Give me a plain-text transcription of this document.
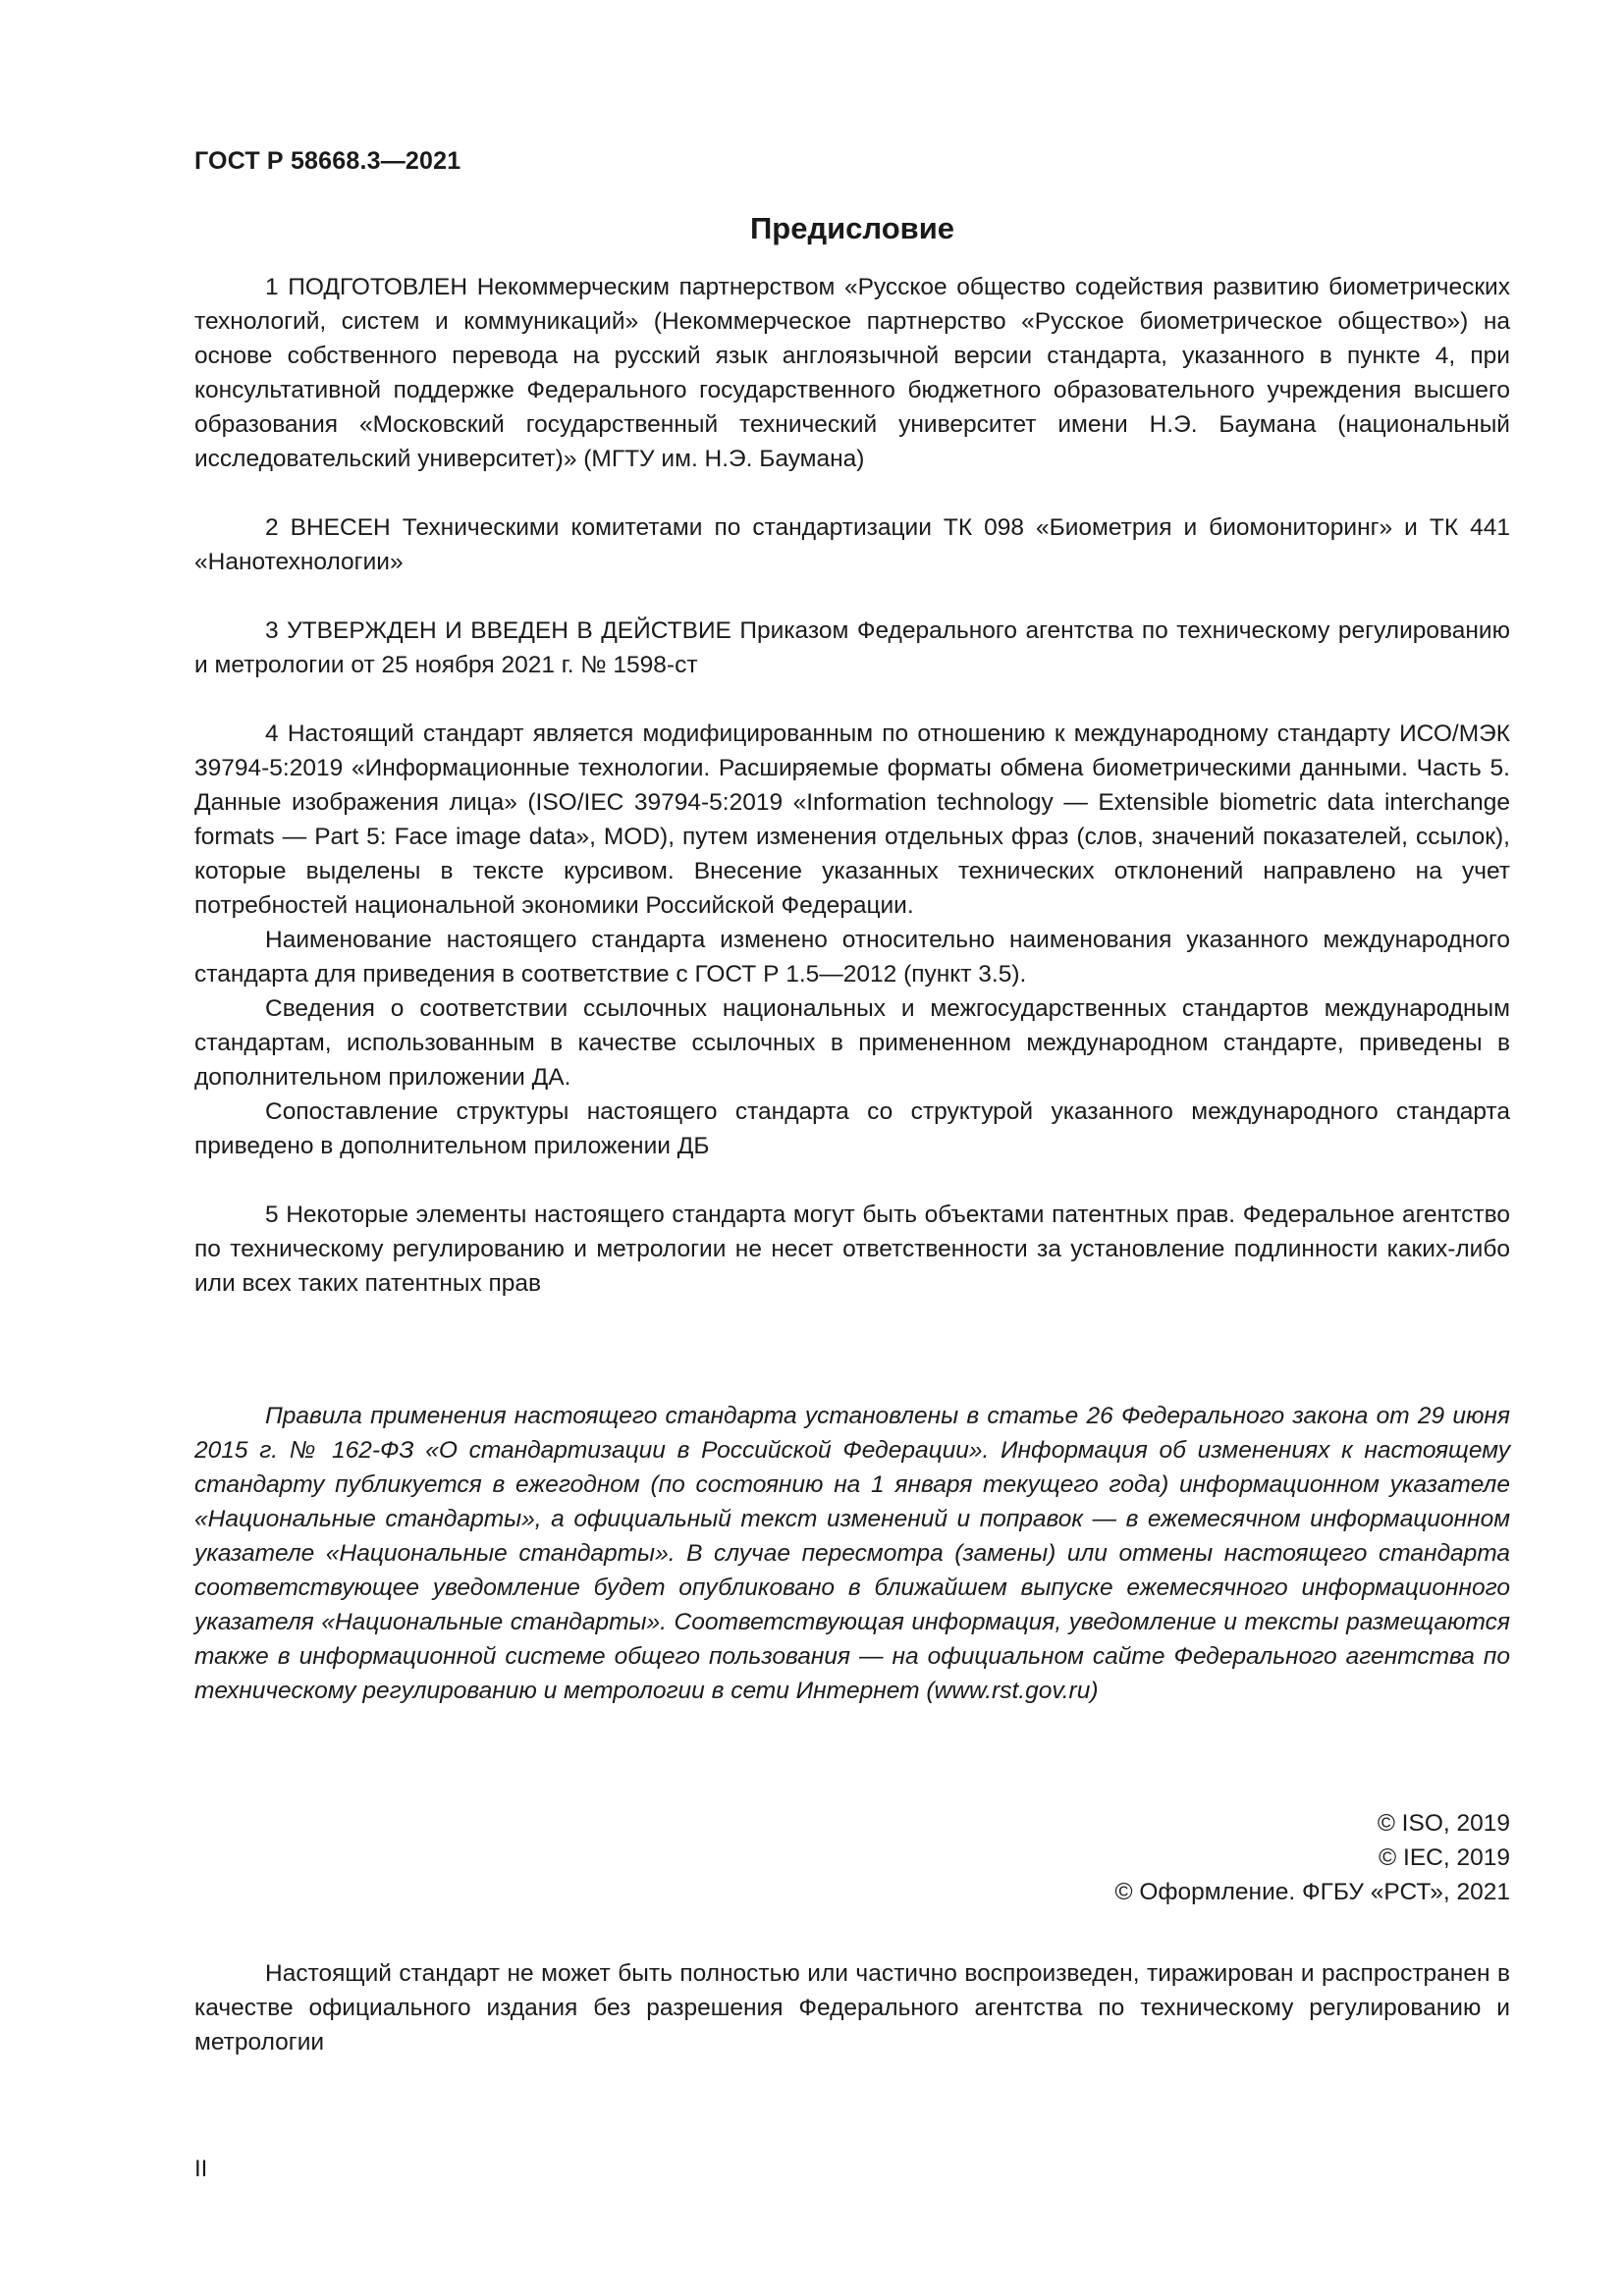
ГОСТ Р 58668.3—2021
Предисловие

1 ПОДГОТОВЛЕН Некоммерческим партнерством «Русское общество содействия развитию биометрических технологий, систем и коммуникаций» (Некоммерческое партнерство «Русское биометрическое общество») на основе собственного перевода на русский язык англоязычной версии стандарта, указанного в пункте 4, при консультативной поддержке Федерального государственного бюджетного образовательного учреждения высшего образования «Московский государственный технический университет имени Н.Э. Баумана (национальный исследовательский университет)» (МГТУ им. Н.Э. Баумана)

2 ВНЕСЕН Техническими комитетами по стандартизации ТК 098 «Биометрия и биомониторинг» и ТК 441 «Нанотехнологии»

3 УТВЕРЖДЕН И ВВЕДЕН В ДЕЙСТВИЕ Приказом Федерального агентства по техническому регулированию и метрологии от 25 ноября 2021 г. № 1598-ст

4 Настоящий стандарт является модифицированным по отношению к международному стандарту ИСО/МЭК 39794-5:2019 «Информационные технологии. Расширяемые форматы обмена биометрическими данными. Часть 5. Данные изображения лица» (ISO/IEC 39794-5:2019 «Information technology — Extensible biometric data interchange formats — Part 5: Face image data», MOD), путем изменения отдельных фраз (слов, значений показателей, ссылок), которые выделены в тексте курсивом. Внесение указанных технических отклонений направлено на учет потребностей национальной экономики Российской Федерации.

Наименование настоящего стандарта изменено относительно наименования указанного международного стандарта для приведения в соответствие с ГОСТ Р 1.5—2012 (пункт 3.5).

Сведения о соответствии ссылочных национальных и межгосударственных стандартов международным стандартам, использованным в качестве ссылочных в примененном международном стандарте, приведены в дополнительном приложении ДА.

Сопоставление структуры настоящего стандарта со структурой указанного международного стандарта приведено в дополнительном приложении ДБ

5 Некоторые элементы настоящего стандарта могут быть объектами патентных прав. Федеральное агентство по техническому регулированию и метрологии не несет ответственности за установление подлинности каких-либо или всех таких патентных прав

Правила применения настоящего стандарта установлены в статье 26 Федерального закона от 29 июня 2015 г. № 162-ФЗ «О стандартизации в Российской Федерации». Информация об изменениях к настоящему стандарту публикуется в ежегодном (по состоянию на 1 января текущего года) информационном указателе «Национальные стандарты», а официальный текст изменений и поправок — в ежемесячном информационном указателе «Национальные стандарты». В случае пересмотра (замены) или отмены настоящего стандарта соответствующее уведомление будет опубликовано в ближайшем выпуске ежемесячного информационного указателя «Национальные стандарты». Соответствующая информация, уведомление и тексты размещаются также в информационной системе общего пользования — на официальном сайте Федерального агентства по техническому регулированию и метрологии в сети Интернет (www.rst.gov.ru)

© ISO, 2019
© IEC, 2019
© Оформление. ФГБУ «РСТ», 2021

Настоящий стандарт не может быть полностью или частично воспроизведен, тиражирован и распространен в качестве официального издания без разрешения Федерального агентства по техническому регулированию и метрологии

II
